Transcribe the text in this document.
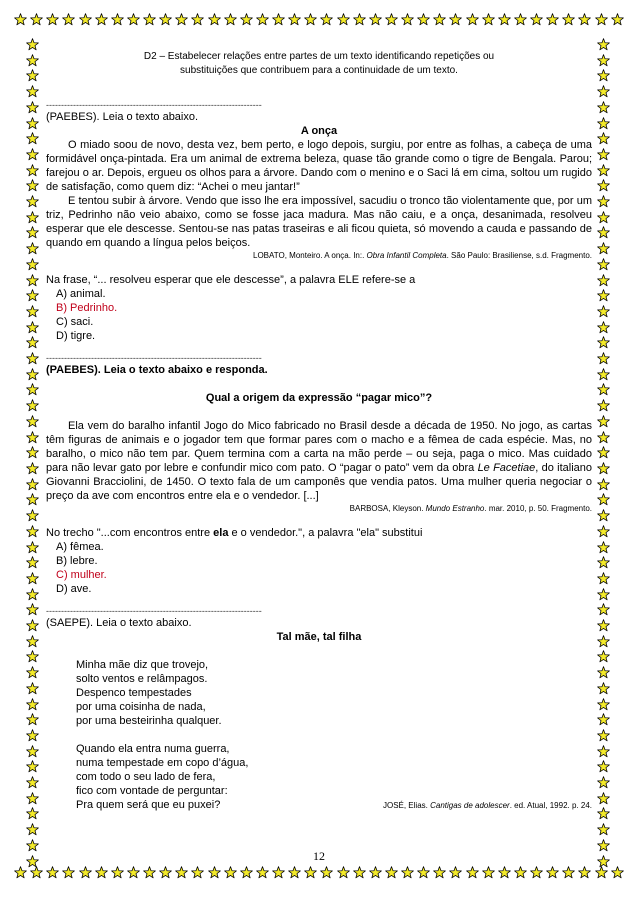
D2 – Estabelecer relações entre partes de um texto identificando repetições ou
substituições que contribuem para a continuidade de um texto.
------------------------------------------------------------------------
(PAEBES). Leia o texto abaixo.
A onça
O miado soou de novo, desta vez, bem perto, e logo depois, surgiu, por entre as folhas, a cabeça de uma formidável onça-pintada. Era um animal de extrema beleza, quase tão grande como o tigre de Bengala. Parou; farejou o ar. Depois, ergueu os olhos para a árvore. Dando com o menino e o Saci lá em cima, soltou um rugido de satisfação, como quem diz: “Achei o meu jantar!”
E tentou subir à árvore. Vendo que isso lhe era impossível, sacudiu o tronco tão violentamente que, por um triz, Pedrinho não veio abaixo, como se fosse jaca madura. Mas não caiu, e a onça, desanimada, resolveu esperar que ele descesse. Sentou-se nas patas traseiras e ali ficou quieta, só movendo a cauda e passando de quando em quando a língua pelos beiços.
LOBATO, Monteiro. A onça. In:. Obra Infantil Completa. São Paulo: Brasiliense, s.d. Fragmento.
Na frase, “... resolveu esperar que ele descesse”, a palavra ELE refere-se a
A) animal.
B) Pedrinho.
C) saci.
D) tigre.
------------------------------------------------------------------------
(PAEBES). Leia o texto abaixo e responda.
Qual a origem da expressão “pagar mico”?
Ela vem do baralho infantil Jogo do Mico fabricado no Brasil desde a década de 1950. No jogo, as cartas têm figuras de animais e o jogador tem que formar pares com o macho e a fêmea de cada espécie. Mas, no baralho, o mico não tem par. Quem termina com a carta na mão perde – ou seja, paga o mico. Mas cuidado para não levar gato por lebre e confundir mico com pato. O “pagar o pato” vem da obra Le Facetiae, do italiano Giovanni Bracciolini, de 1450. O texto fala de um camponês que vendia patos. Uma mulher queria negociar o preço da ave com encontros entre ela e o vendedor. [...]
BARBOSA, Kleyson. Mundo Estranho. mar. 2010, p. 50. Fragmento.
No trecho "...com encontros entre ela e o vendedor.", a palavra "ela" substitui
A) fêmea.
B) lebre.
C) mulher.
D) ave.
------------------------------------------------------------------------
(SAEPE). Leia o texto abaixo.
Tal mãe, tal filha
Minha mãe diz que trovejo,
solto ventos e relâmpagos.
Despenco tempestades
por uma coisinha de nada,
por uma besteirinha qualquer.
Quando ela entra numa guerra,
numa tempestade em copo d’água,
com todo o seu lado de fera,
fico com vontade de perguntar:
Pra quem será que eu puxei?	JOSÉ, Elias. Cantigas de adolescer. ed. Atual, 1992. p. 24.
12
